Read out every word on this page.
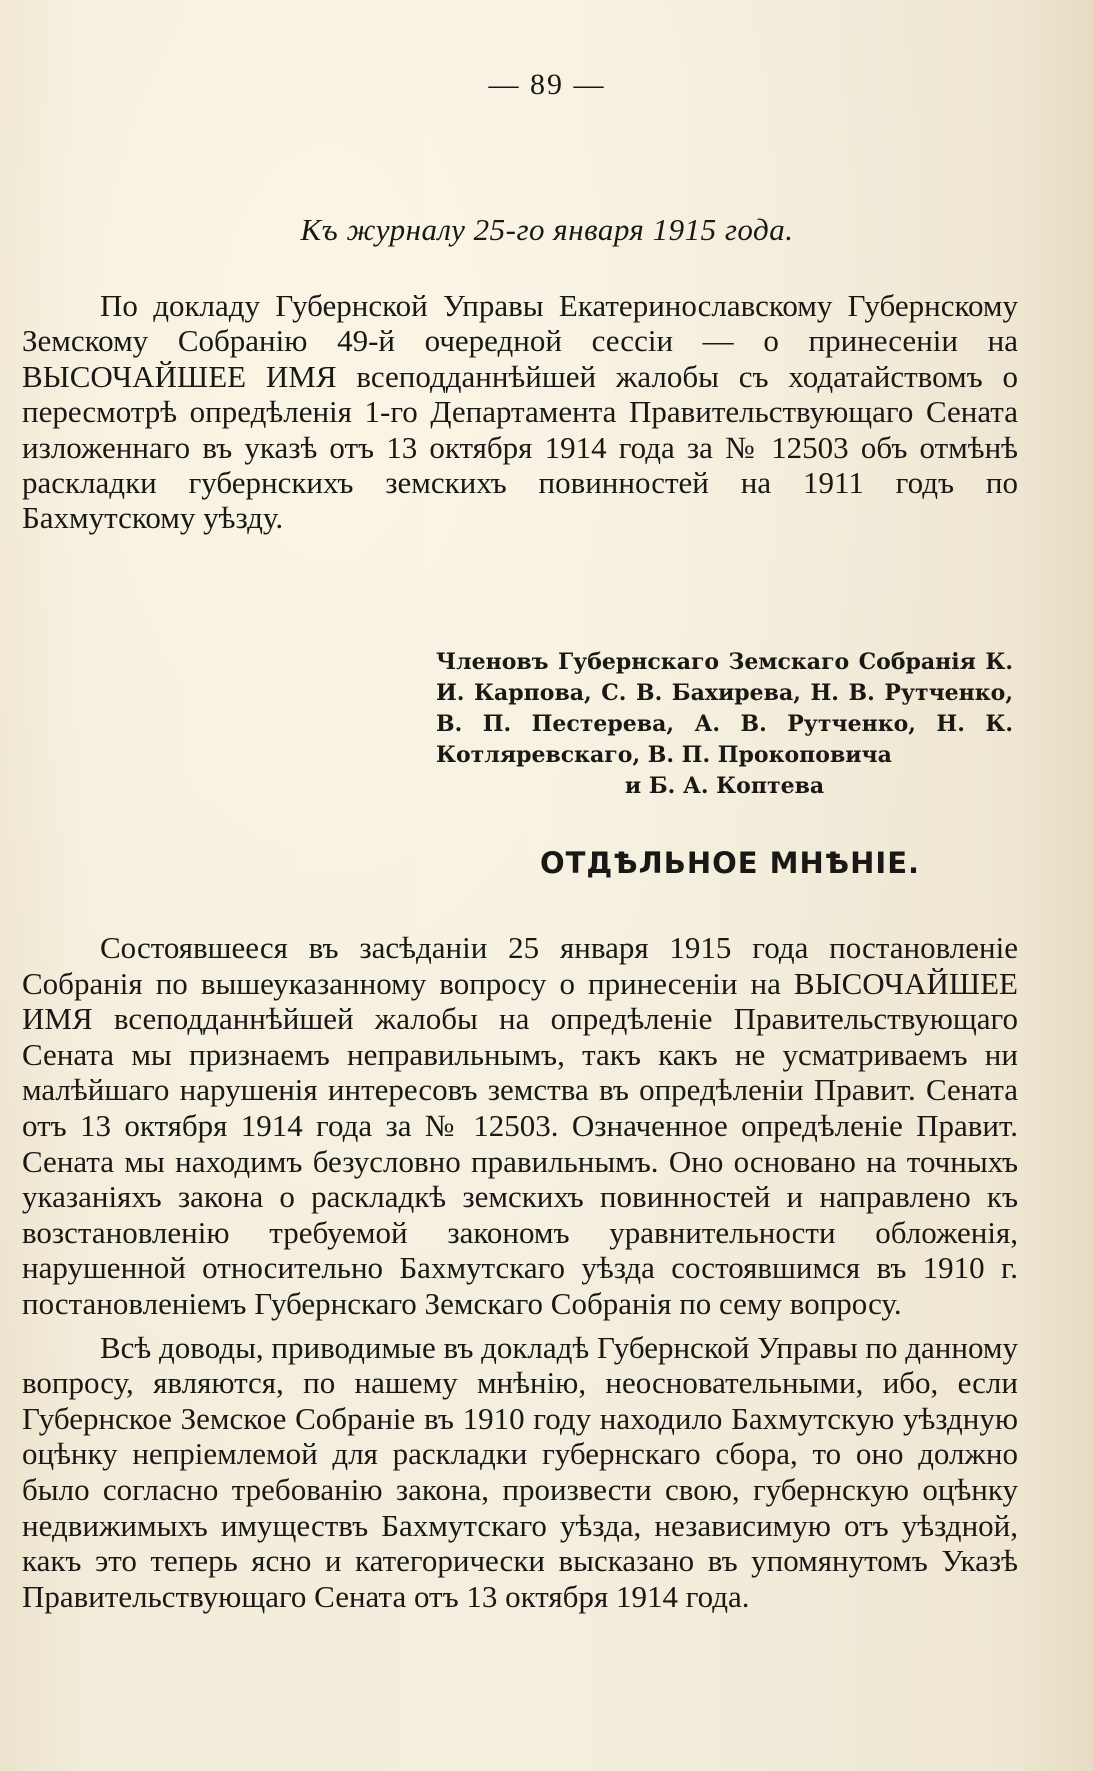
— 89 —
Къ журналу 25-го января 1915 года.

По докладу Губернской Управы Екатеринославскому Губернскому Земскому Собранію 49-й очередной сессіи — о принесеніи на ВЫСОЧАЙШЕЕ ИМЯ всеподданнѣйшей жалобы съ ходатайствомъ о пересмотрѣ опредѣленія 1-го Департамента Правительствующаго Сената изложеннаго въ указѣ отъ 13 октября 1914 года за № 12503 объ отмѣнѣ раскладки губернскихъ земскихъ повинностей на 1911 годъ по Бахмутскому уѣзду.

Членовъ Губернскаго Земскаго Собранія К. И. Карпова, С. В. Бахирева, Н. В. Рутченко, В. П. Пестерева, А. В. Рутченко, Н. К. Котляревскаго, В. П. Прокоповича
и Б. А. Коптева
ОТДѢЛЬНОЕ МНѢНІЕ.

Состоявшееся въ засѣданіи 25 января 1915 года постановленіе Собранія по вышеуказанному вопросу о принесеніи на ВЫСОЧАЙШЕЕ ИМЯ всеподданнѣйшей жалобы на опредѣленіе Правительствующаго Сената мы признаемъ неправильнымъ, такъ какъ не усматриваемъ ни малѣйшаго нарушенія интересовъ земства въ опредѣленіи Правит. Сената отъ 13 октября 1914 года за № 12503. Означенное опредѣленіе Правит. Сената мы находимъ безусловно правильнымъ. Оно основано на точныхъ указаніяхъ закона о раскладкѣ земскихъ повинностей и направлено къ возстановленію требуемой закономъ уравнительности обложенія, нарушенной относительно Бахмутскаго уѣзда состоявшимся въ 1910 г. постановленіемъ Губернскаго Земскаго Собранія по сему вопросу.

Всѣ доводы, приводимые въ докладѣ Губернской Управы по данному вопросу, являются, по нашему мнѣнію, неосновательными, ибо, если Губернское Земское Собраніе въ 1910 году находило Бахмутскую уѣздную оцѣнку непріемлемой для раскладки губернскаго сбора, то оно должно было согласно требованію закона, произвести свою, губернскую оцѣнку недвижимыхъ имуществъ Бахмутскаго уѣзда, независимую отъ уѣздной, какъ это теперь ясно и категорически высказано въ упомянутомъ Указѣ Правительствующаго Сената отъ 13 октября 1914 года.
